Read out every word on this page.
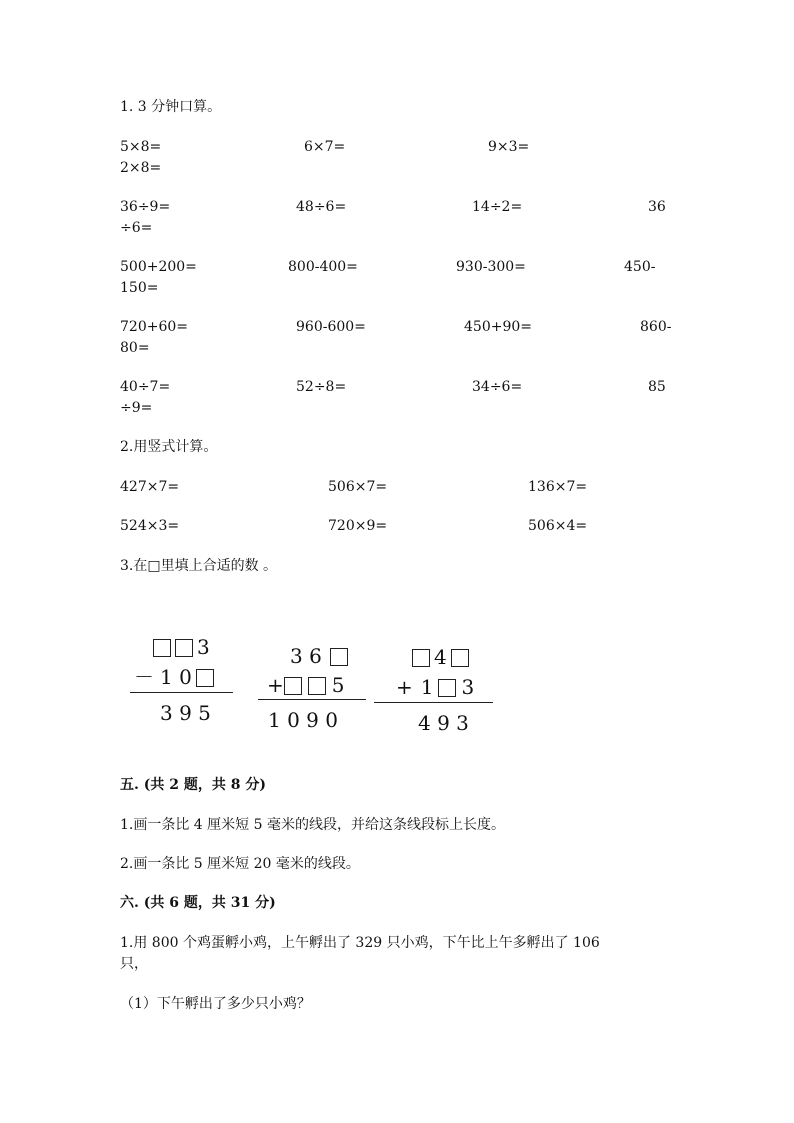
1. 3 分钟口算。
5×8=	6×7=	9×3=
2×8=
36÷9=	48÷6=	14÷2=	36
÷6=
500+200=	800-400=	930-300=	450-
150=
720+60=	960-600=	450+90=	860-
80=
40÷7=	52÷8=	34÷6=	85
÷9=
2.用竖式计算。
427×7=	506×7=	136×7=
524×3=	720×9=	506×4=
3.在□里填上合适的数 。
3
－ 1 0
3 9 5
3 6
+ 5
1 0 9 0
4
+ 1 3
4 9 3
五. (共 2 题，共 8 分)
1.画一条比 4 厘米短 5 毫米的线段，并给这条线段标上长度。
2.画一条比 5 厘米短 20 毫米的线段。
六. (共 6 题，共 31 分)
1.用 800 个鸡蛋孵小鸡，上午孵出了 329 只小鸡，下午比上午多孵出了 106
只，
（1）下午孵出了多少只小鸡？
